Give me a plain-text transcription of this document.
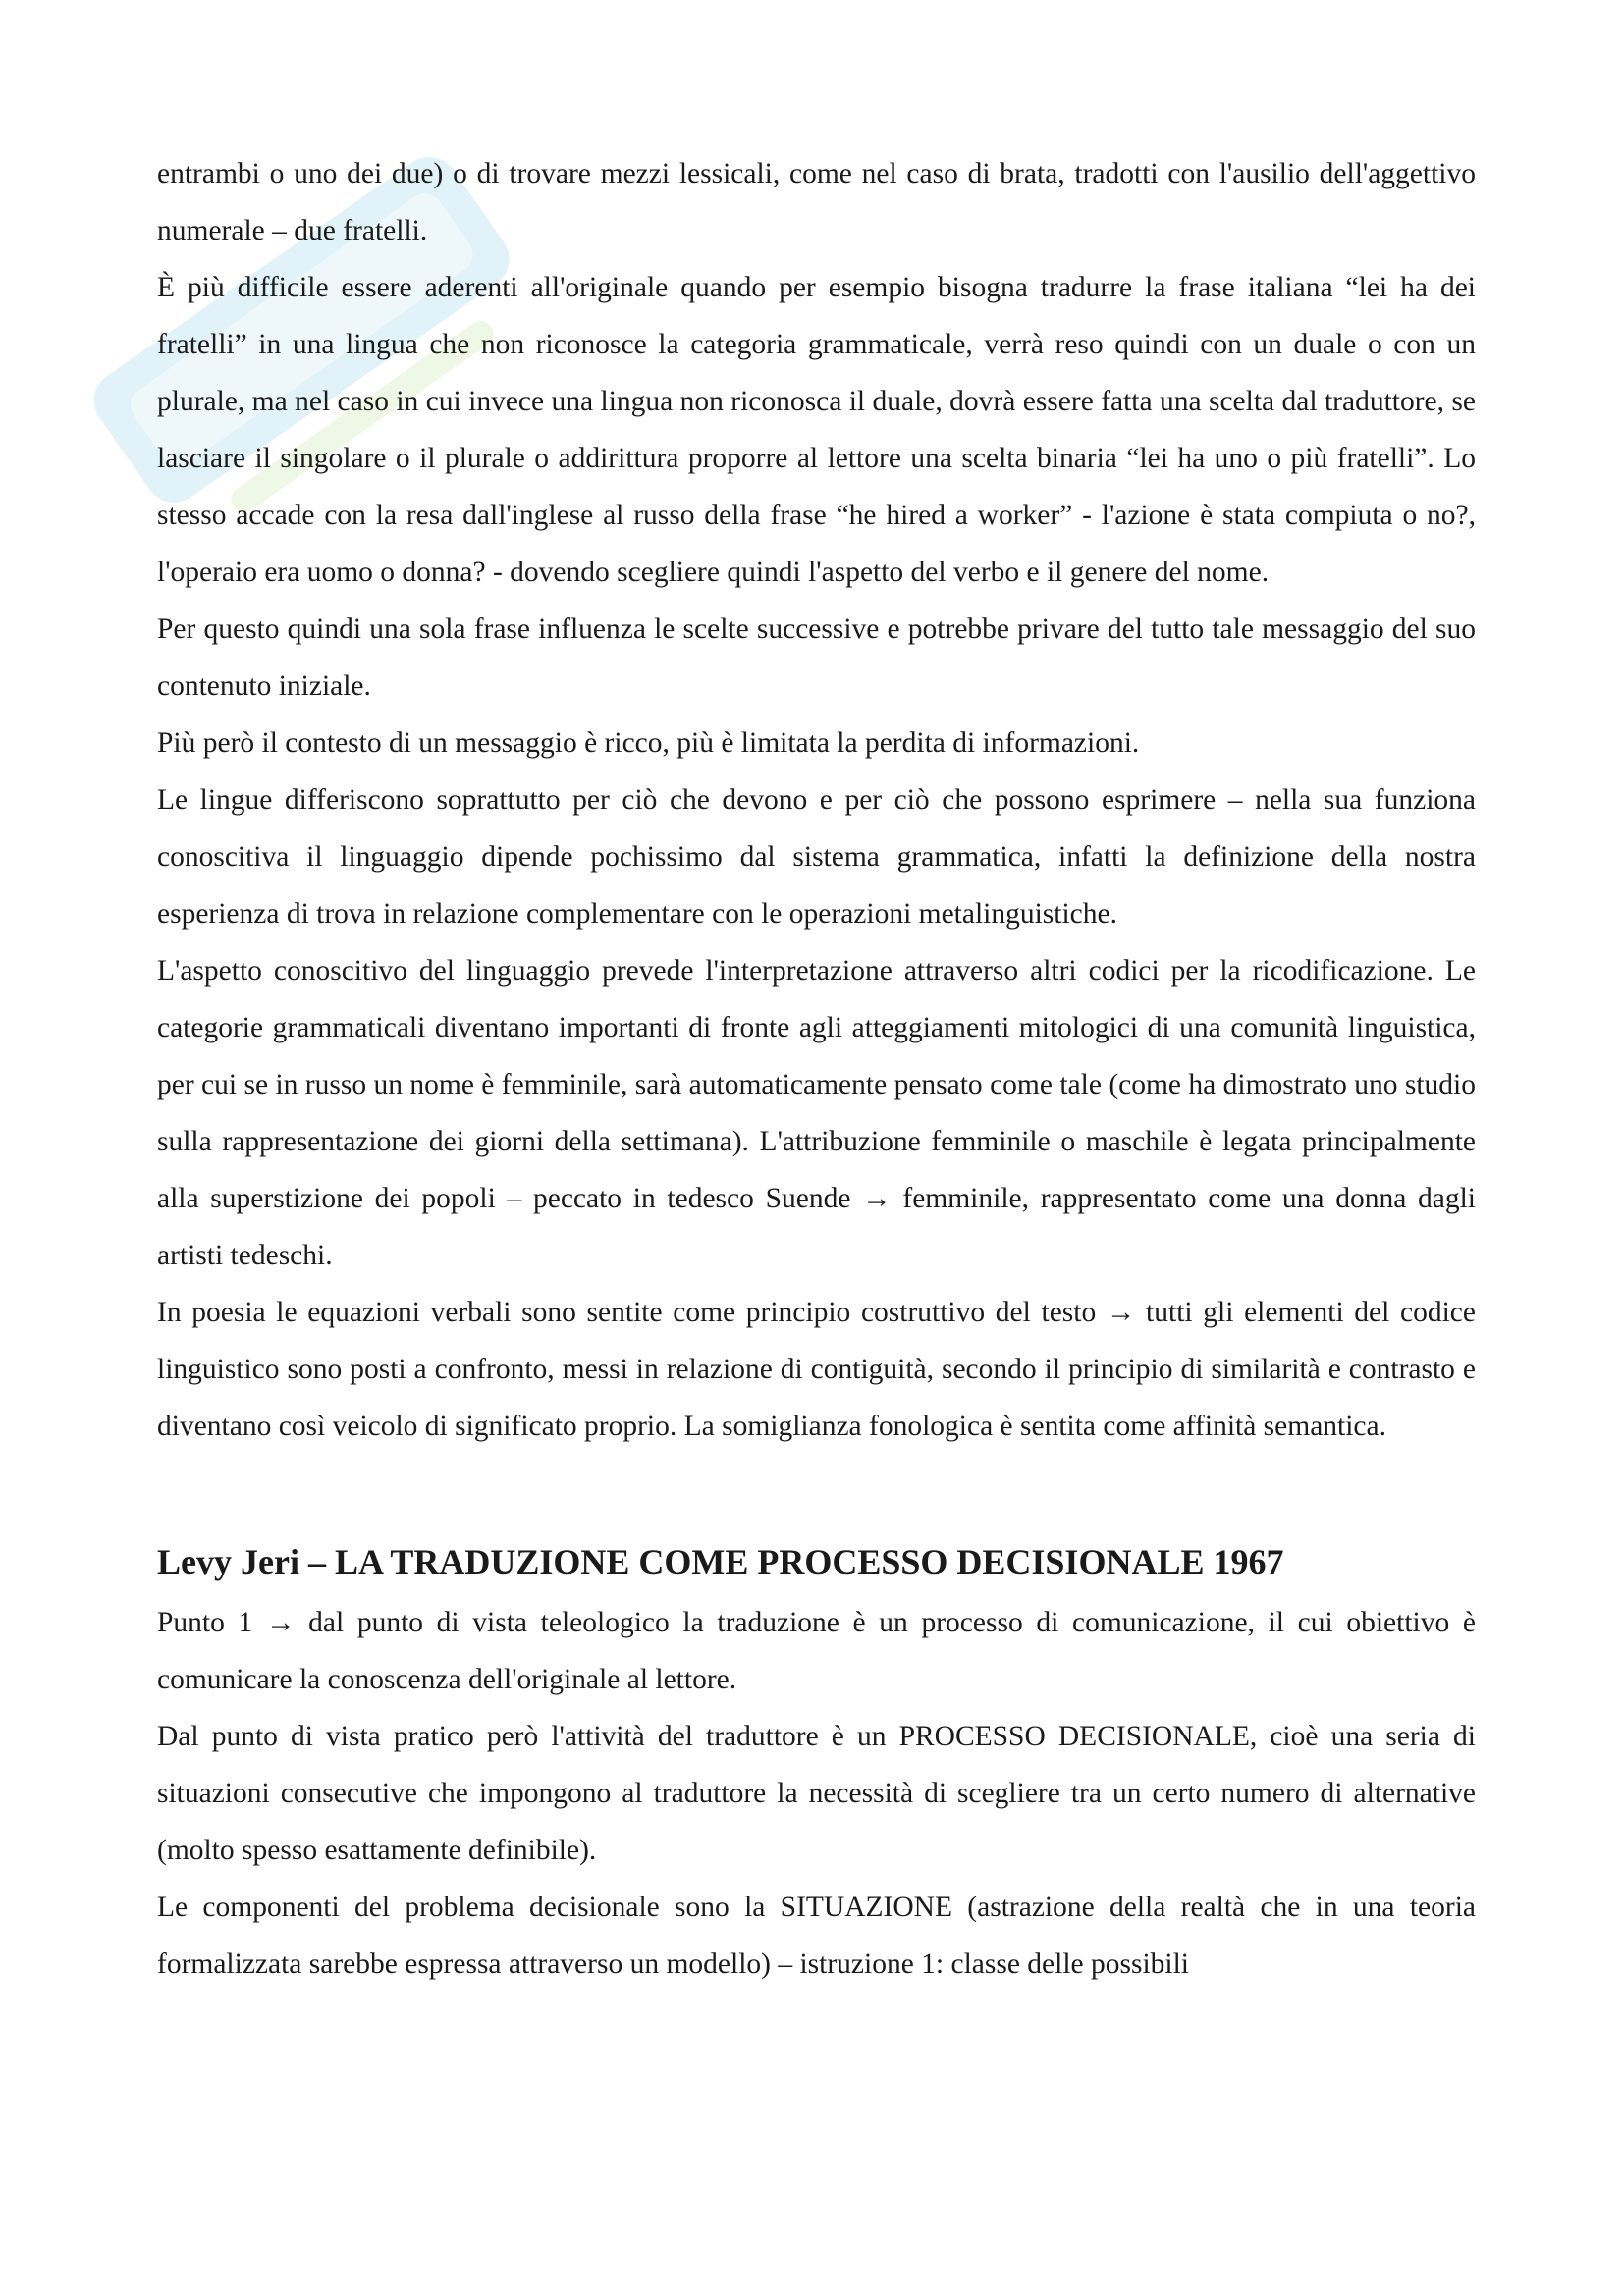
entrambi o uno dei due) o di trovare mezzi lessicali, come nel caso di brata, tradotti con l'ausilio dell'aggettivo numerale – due fratelli.

È più difficile essere aderenti all'originale quando per esempio bisogna tradurre la frase italiana “lei ha dei fratelli” in una lingua che non riconosce la categoria grammaticale, verrà reso quindi con un duale o con un plurale, ma nel caso in cui invece una lingua non riconosca il duale, dovrà essere fatta una scelta dal traduttore, se lasciare il singolare o il plurale o addirittura proporre al lettore una scelta binaria “lei ha uno o più fratelli”. Lo stesso accade con la resa dall'inglese al russo della frase “he hired a worker” - l'azione è stata compiuta o no?, l'operaio era uomo o donna? - dovendo scegliere quindi l'aspetto del verbo e il genere del nome.

Per questo quindi una sola frase influenza le scelte successive e potrebbe privare del tutto tale messaggio del suo contenuto iniziale.

Più però il contesto di un messaggio è ricco, più è limitata la perdita di informazioni.

Le lingue differiscono soprattutto per ciò che devono e per ciò che possono esprimere – nella sua funziona conoscitiva il linguaggio dipende pochissimo dal sistema grammatica, infatti la definizione della nostra esperienza di trova in relazione complementare con le operazioni metalinguistiche.

L'aspetto conoscitivo del linguaggio prevede l'interpretazione attraverso altri codici per la ricodificazione. Le categorie grammaticali diventano importanti di fronte agli atteggiamenti mitologici di una comunità linguistica, per cui se in russo un nome è femminile, sarà automaticamente pensato come tale (come ha dimostrato uno studio sulla rappresentazione dei giorni della settimana). L'attribuzione femminile o maschile è legata principalmente alla superstizione dei popoli – peccato in tedesco Suende → femminile, rappresentato come una donna dagli artisti tedeschi.

In poesia le equazioni verbali sono sentite come principio costruttivo del testo → tutti gli elementi del codice linguistico sono posti a confronto, messi in relazione di contiguità, secondo il principio di similarità e contrasto e diventano così veicolo di significato proprio. La somiglianza fonologica è sentita come affinità semantica.

Levy Jeri – LA TRADUZIONE COME PROCESSO DECISIONALE 1967

Punto 1 → dal punto di vista teleologico la traduzione è un processo di comunicazione, il cui obiettivo è comunicare la conoscenza dell'originale al lettore.

Dal punto di vista pratico però l'attività del traduttore è un PROCESSO DECISIONALE, cioè una seria di situazioni consecutive che impongono al traduttore la necessità di scegliere tra un certo numero di alternative (molto spesso esattamente definibile).

Le componenti del problema decisionale sono la SITUAZIONE (astrazione della realtà che in una teoria formalizzata sarebbe espressa attraverso un modello) – istruzione 1: classe delle possibili
